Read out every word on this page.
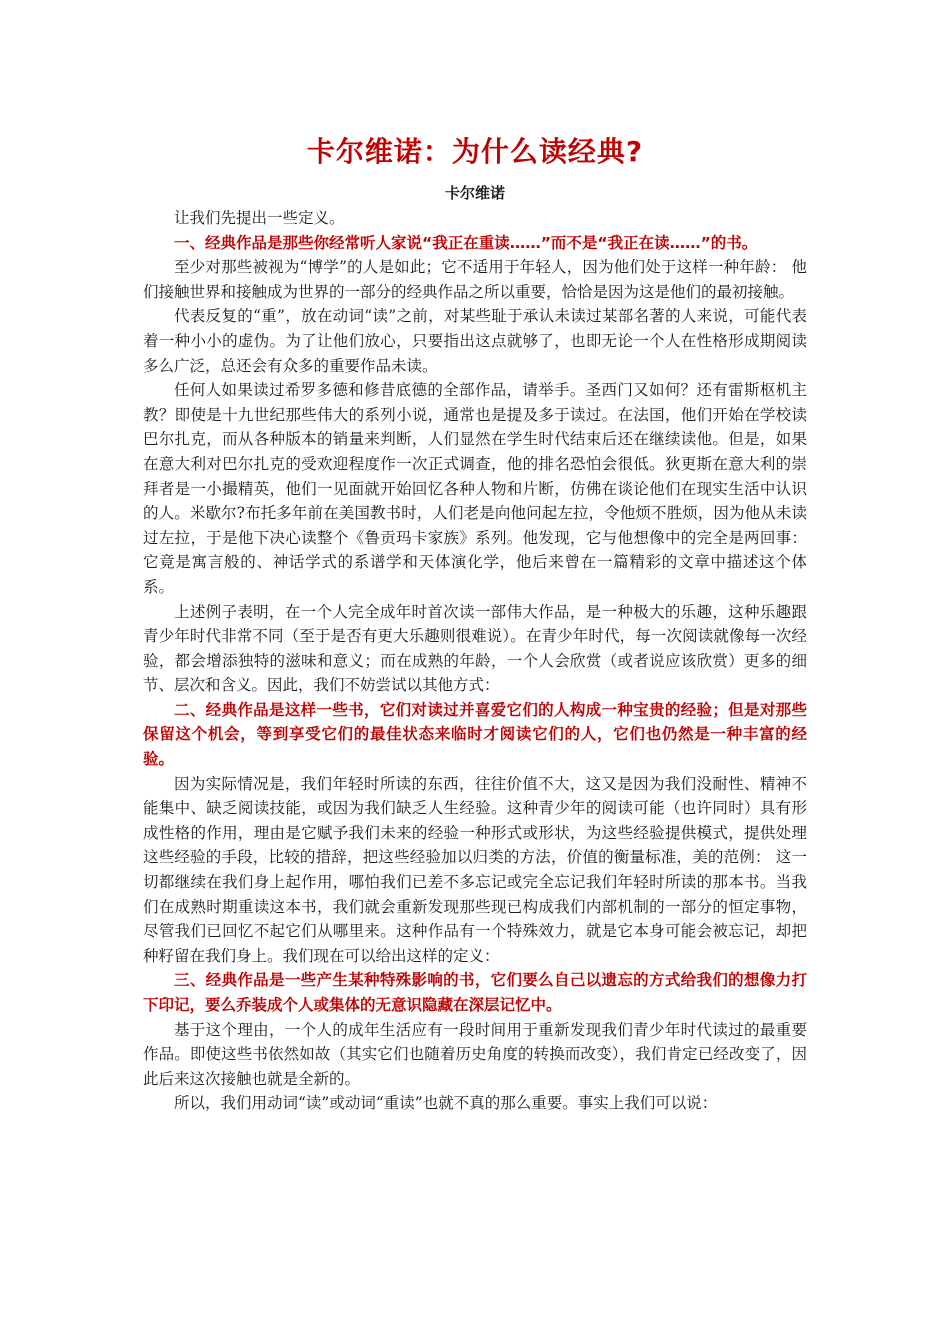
卡尔维诺：为什么读经典?
卡尔维诺

让我们先提出一些定义。

一、经典作品是那些你经常听人家说“我正在重读……”而不是“我正在读……”的书。

至少对那些被视为“博学”的人是如此；它不适用于年轻人，因为他们处于这样一种年龄： 他们接触世界和接触成为世界的一部分的经典作品之所以重要，恰恰是因为这是他们的最初接触。

代表反复的“重”，放在动词“读”之前，对某些耻于承认未读过某部名著的人来说，可能代表着一种小小的虚伪。为了让他们放心，只要指出这点就够了，也即无论一个人在性格形成期阅读多么广泛，总还会有众多的重要作品未读。

任何人如果读过希罗多德和修昔底德的全部作品，请举手。圣西门又如何？还有雷斯枢机主教？即使是十九世纪那些伟大的系列小说，通常也是提及多于读过。在法国，他们开始在学校读巴尔扎克，而从各种版本的销量来判断，人们显然在学生时代结束后还在继续读他。但是，如果在意大利对巴尔扎克的受欢迎程度作一次正式调查，他的排名恐怕会很低。狄更斯在意大利的崇拜者是一小撮精英，他们一见面就开始回忆各种人物和片断，仿佛在谈论他们在现实生活中认识的人。米歇尔?布托多年前在美国教书时，人们老是向他问起左拉，令他烦不胜烦，因为他从未读过左拉，于是他下决心读整个《鲁贡玛卡家族》系列。他发现，它与他想像中的完全是两回事： 它竟是寓言般的、神话学式的系谱学和天体演化学，他后来曾在一篇精彩的文章中描述这个体系。

上述例子表明，在一个人完全成年时首次读一部伟大作品，是一种极大的乐趣，这种乐趣跟青少年时代非常不同（至于是否有更大乐趣则很难说）。在青少年时代，每一次阅读就像每一次经验，都会增添独特的滋味和意义；而在成熟的年龄，一个人会欣赏（或者说应该欣赏）更多的细节、层次和含义。因此，我们不妨尝试以其他方式：

二、经典作品是这样一些书，它们对读过并喜爱它们的人构成一种宝贵的经验；但是对那些保留这个机会，等到享受它们的最佳状态来临时才阅读它们的人，它们也仍然是一种丰富的经验。

因为实际情况是，我们年轻时所读的东西，往往价值不大，这又是因为我们没耐性、精神不能集中、缺乏阅读技能，或因为我们缺乏人生经验。这种青少年的阅读可能（也许同时）具有形成性格的作用，理由是它赋予我们未来的经验一种形式或形状，为这些经验提供模式，提供处理这些经验的手段，比较的措辞，把这些经验加以归类的方法，价值的衡量标准，美的范例： 这一切都继续在我们身上起作用，哪怕我们已差不多忘记或完全忘记我们年轻时所读的那本书。当我们在成熟时期重读这本书，我们就会重新发现那些现已构成我们内部机制的一部分的恒定事物，尽管我们已回忆不起它们从哪里来。这种作品有一个特殊效力，就是它本身可能会被忘记，却把种籽留在我们身上。我们现在可以给出这样的定义：

三、经典作品是一些产生某种特殊影响的书，它们要么自己以遗忘的方式给我们的想像力打下印记，要么乔装成个人或集体的无意识隐藏在深层记忆中。

基于这个理由，一个人的成年生活应有一段时间用于重新发现我们青少年时代读过的最重要作品。即使这些书依然如故（其实它们也随着历史角度的转换而改变），我们肯定已经改变了，因此后来这次接触也就是全新的。

所以，我们用动词“读”或动词“重读”也就不真的那么重要。事实上我们可以说：
